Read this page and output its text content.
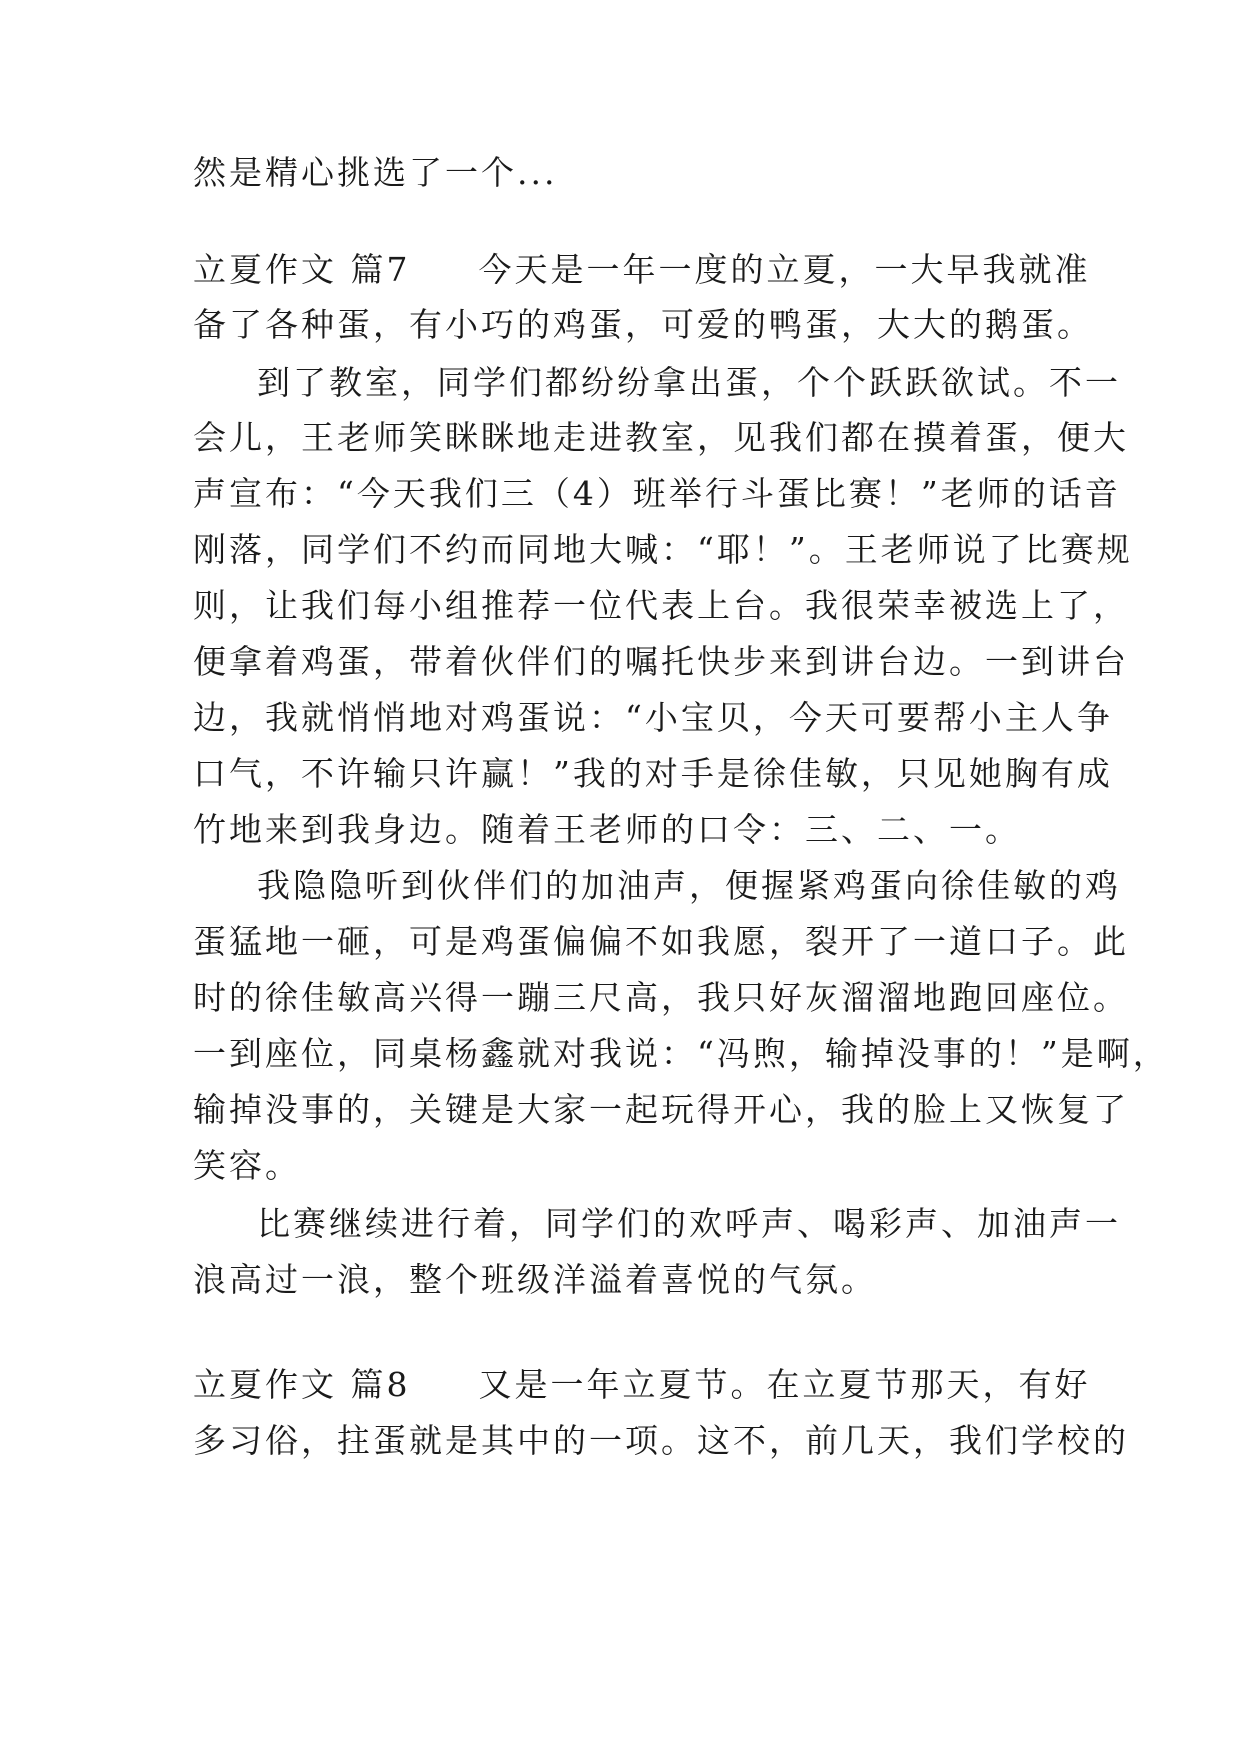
然是精心挑选了一个...
立夏作文 篇7 今天是一年一度的立夏，一大早我就准
备了各种蛋，有小巧的鸡蛋，可爱的鸭蛋，大大的鹅蛋。
到了教室，同学们都纷纷拿出蛋，个个跃跃欲试。不一
会儿，王老师笑眯眯地走进教室，见我们都在摸着蛋，便大
声宣布：“今天我们三（4）班举行斗蛋比赛！”老师的话音
刚落，同学们不约而同地大喊：“耶！”。王老师说了比赛规
则，让我们每小组推荐一位代表上台。我很荣幸被选上了，
便拿着鸡蛋，带着伙伴们的嘱托快步来到讲台边。一到讲台
边，我就悄悄地对鸡蛋说：“小宝贝，今天可要帮小主人争
口气，不许输只许赢！”我的对手是徐佳敏，只见她胸有成
竹地来到我身边。随着王老师的口令：三、二、一。
我隐隐听到伙伴们的加油声，便握紧鸡蛋向徐佳敏的鸡
蛋猛地一砸，可是鸡蛋偏偏不如我愿，裂开了一道口子。此
时的徐佳敏高兴得一蹦三尺高，我只好灰溜溜地跑回座位。
一到座位，同桌杨鑫就对我说：“冯煦，输掉没事的！”是啊，
输掉没事的，关键是大家一起玩得开心，我的脸上又恢复了
笑容。
比赛继续进行着，同学们的欢呼声、喝彩声、加油声一
浪高过一浪，整个班级洋溢着喜悦的气氛。
立夏作文 篇8 又是一年立夏节。在立夏节那天，有好
多习俗，拄蛋就是其中的一项。这不，前几天，我们学校的
